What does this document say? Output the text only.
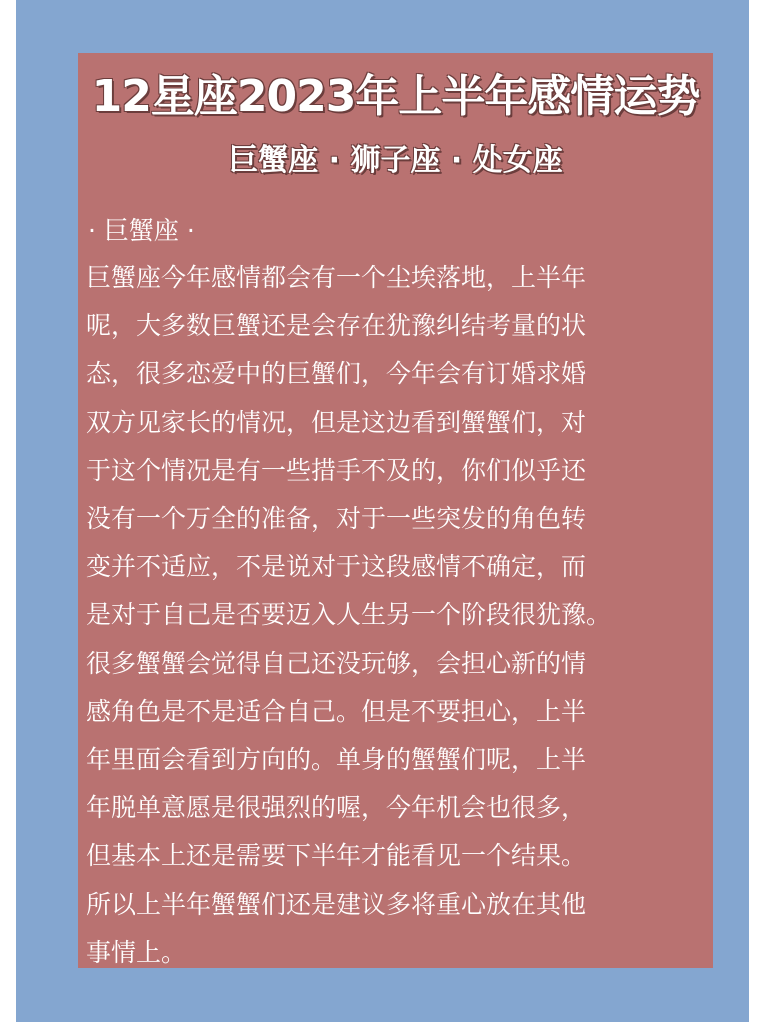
12星座2023年上半年感情运势
巨蟹座 · 狮子座 · 处女座
· 巨蟹座 ·
巨蟹座今年感情都会有一个尘埃落地，上半年
呢，大多数巨蟹还是会存在犹豫纠结考量的状
态，很多恋爱中的巨蟹们，今年会有订婚求婚
双方见家长的情况，但是这边看到蟹蟹们，对
于这个情况是有一些措手不及的，你们似乎还
没有一个万全的准备，对于一些突发的角色转
变并不适应，不是说对于这段感情不确定，而
是对于自己是否要迈入人生另一个阶段很犹豫。
很多蟹蟹会觉得自己还没玩够，会担心新的情
感角色是不是适合自己。但是不要担心，上半
年里面会看到方向的。单身的蟹蟹们呢，上半
年脱单意愿是很强烈的喔，今年机会也很多，
但基本上还是需要下半年才能看见一个结果。
所以上半年蟹蟹们还是建议多将重心放在其他
事情上。
